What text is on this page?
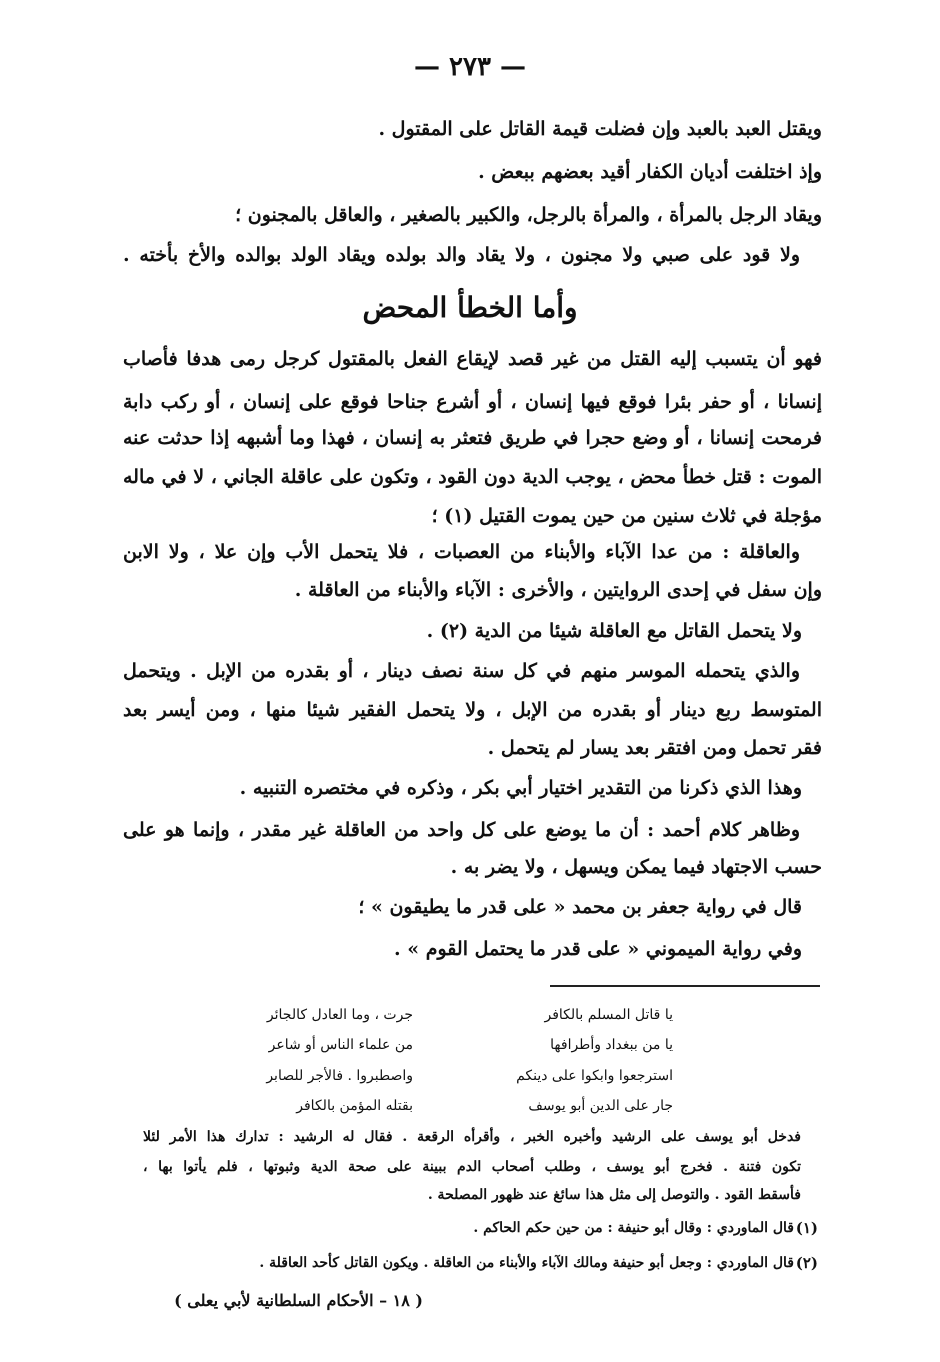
— ٢٧٣ —
ويقتل العبد بالعبد وإن فضلت قيمة القاتل على المقتول .
وإذ اختلفت أديان الكفار أقيد بعضهم ببعض .
ويقاد الرجل بالمرأة ، والمرأة بالرجل، والكبير بالصغير ، والعاقل بالمجنون ؛
ولا قود على صبي ولا مجنون ، ولا يقاد والد بولده ويقاد الولد بوالده والأخ بأخته .
وأما الخطأ المحض
فهو أن يتسبب إليه القتل من غير قصد لإيقاع الفعل بالمقتول كرجل رمى هدفا فأصاب
إنسانا ، أو حفر بئرا فوقع فيها إنسان ، أو أشرع جناحا فوقع على إنسان ، أو ركب دابة
فرمحت إنسانا ، أو وضع حجرا في طريق فتعثر به إنسان ، فهذا وما أشبهه إذا حدثت عنه
الموت : قتل خطأ محض ، يوجب الدية دون القود ، وتكون على عاقلة الجاني ، لا في ماله
مؤجلة في ثلاث سنين من حين يموت القتيل (١) ؛
والعاقلة : من عدا الآباء والأبناء من العصبات ، فلا يتحمل الأب وإن علا ، ولا الابن
وإن سفل في إحدى الروايتين ، والأخرى : الآباء والأبناء من العاقلة .
ولا يتحمل القاتل مع العاقلة شيئا من الدية (٢) .
والذي يتحمله الموسر منهم في كل سنة نصف دينار ، أو بقدره من الإبل . ويتحمل
المتوسط ربع دينار أو بقدره من الإبل ، ولا يتحمل الفقير شيئا منها ، ومن أيسر بعد
فقر تحمل ومن افتقر بعد يسار لم يتحمل .
وهذا الذي ذكرنا من التقدير اختيار أبي بكر ، وذكره في مختصره التنبيه .
وظاهر كلام أحمد : أن ما يوضع على كل واحد من العاقلة غير مقدر ، وإنما هو على
حسب الاجتهاد فيما يمكن ويسهل ، ولا يضر به .
قال في رواية جعفر بن محمد « على قدر ما يطيقون » ؛
وفي رواية الميموني « على قدر ما يحتمل القوم » .
يا قاتل المسلم بالكافر
جرت ، وما العادل كالجائر
يا من ببغداد وأطرافها
من علماء الناس أو شاعر
استرجعوا وابكوا على دينكم
واصطبروا . فالأجر للصابر
جار على الدين أبو يوسف
بقتله المؤمن بالكافر
فدخل أبو يوسف على الرشيد وأخبره الخبر ، وأقرأه الرقعة . فقال له الرشيد : تدارك هذا الأمر لئلا
تكون فتنة . فخرج أبو يوسف ، وطلب أصحاب الدم ببينة على صحة الدية وثبوتها ، فلم يأتوا بها ،
فأسقط القود . والتوصل إلى مثل هذا سائغ عند ظهور المصلحة .
(١)
قال الماوردي : وقال أبو حنيفة : من حين حكم الحاكم .
(٢)
قال الماوردي : وجعل أبو حنيفة ومالك الآباء والأبناء من العاقلة . ويكون القاتل كأحد العاقلة .
( ١٨ – الأحكام السلطانية لأبي يعلى )
